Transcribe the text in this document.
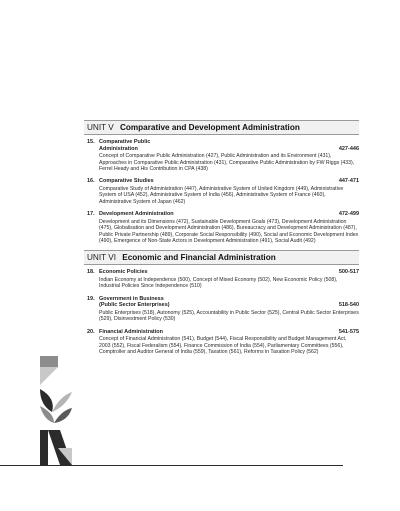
UNIT V Comparative and Development Administration
15. Comparative Public
Administration	427-446
Concept of Comparative Public Administration (427), Public Administration and its Environment (431), Approaches in Comparative Public Administration (431), Comparative Public Administration by FW Riggs (433), Ferrel Heady and His Contribution in CPA (438)
16. Comparative Studies	447-471
Comparative Study of Administration (447), Administrative System of United Kingdom (449), Administrative System of USA (452), Administrative System of India (456), Administrative System of France (460), Administrative System of Japan (462)
17. Development Administration	472-499
Development and its Dimensions (472), Sustainable Development Goals (473), Development Administration (475), Globalisation and Development Administration (486), Bureaucracy and Development Administration (487), Public Private Partnership (489), Corporate Social Responsibility (490), Social and Economic Development Index (490), Emergence of Non-State Actors in Development Administration (491), Social Audit (492)
UNIT VI Economic and Financial Administration
18. Economic Policies	500-517
Indian Economy at Independence (500), Concept of Mixed Economy (502), New Economic Policy (508), Industrial Policies Since Independence (510)
19. Government in Business
(Public Sector Enterprises)	518-540
Public Enterprises (518), Autonomy (525), Accountability in Public Sector (525), Central Public Sector Enterprises (529), Disinvestment Policy (530)
20. Financial Administration	541-575
Concept of Financial Administration (541), Budget (544), Fiscal Responsibility and Budget Management Act, 2003 (552), Fiscal Federalism (554), Finance Commission of India (554), Parliamentary Committees (556), Comptroller and Auditor General of India (559), Taxation (561), Reforms in Taxation Policy (562)
